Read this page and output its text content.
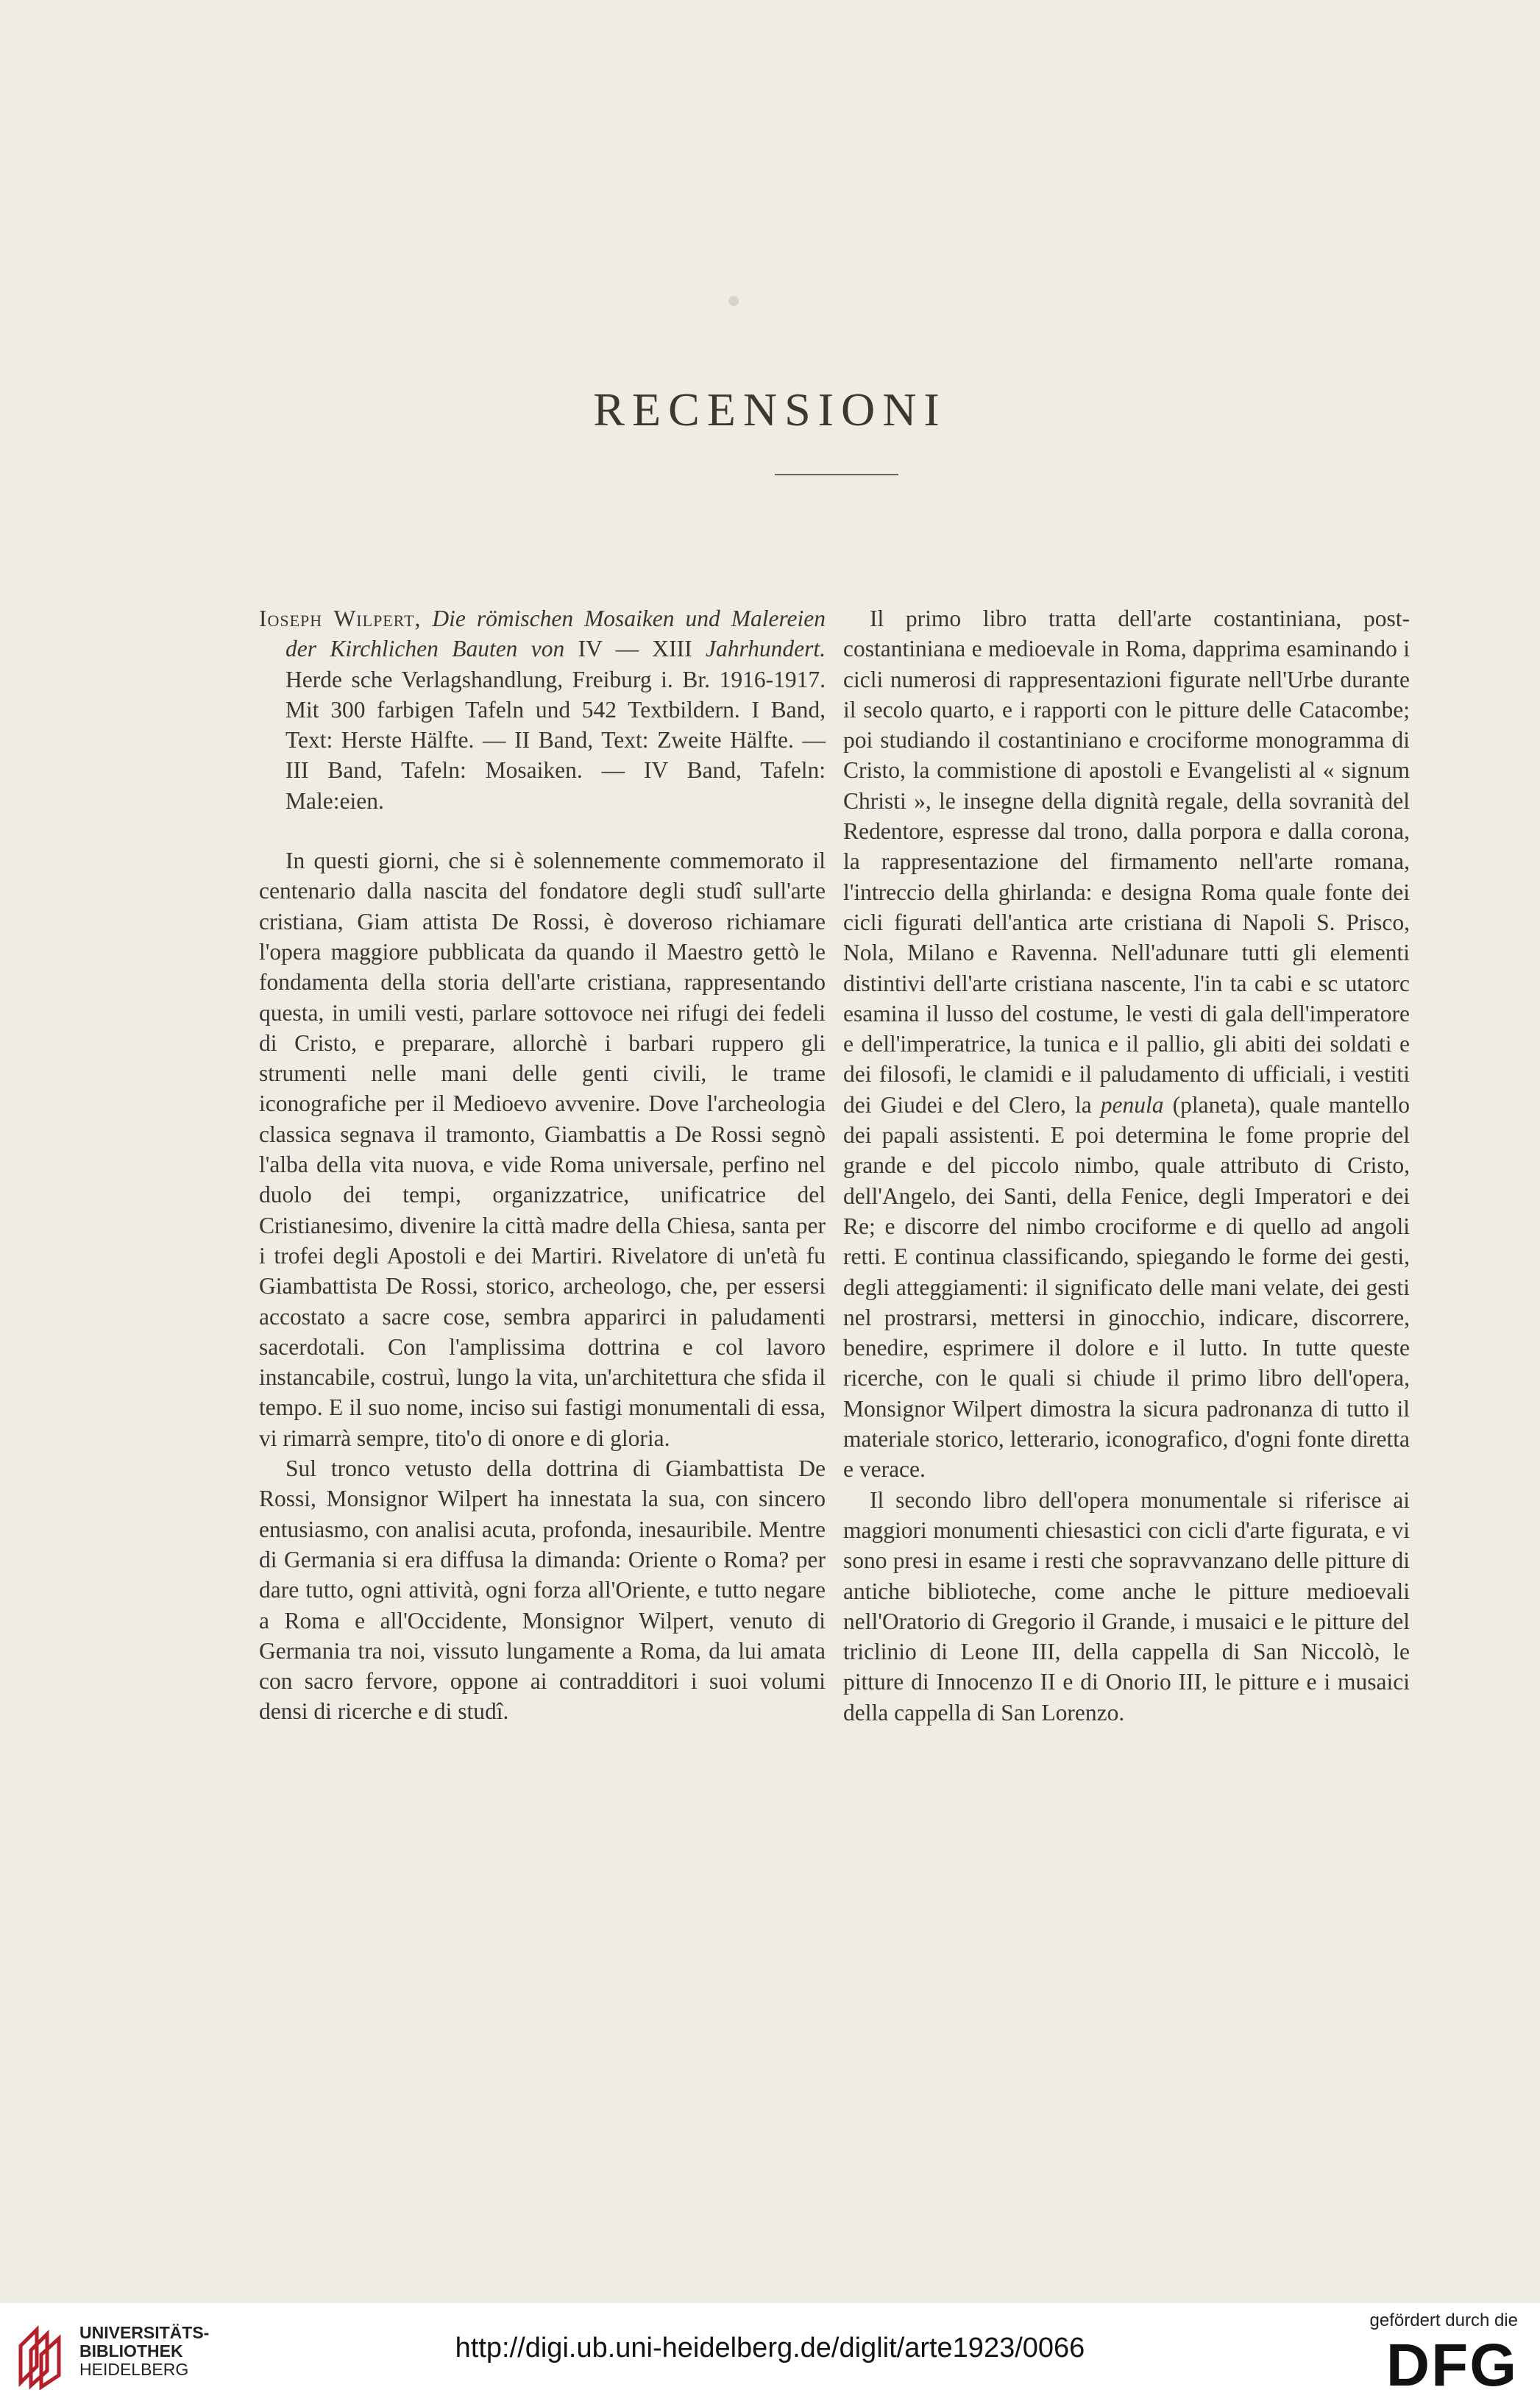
RECENSIONI

Ioseph Wilpert, Die römischen Mosaiken und Malereien der Kirchlichen Bauten von IV — XIII Jahrhundert. Herde sche Verlagshandlung, Freiburg i. Br. 1916-1917. Mit 300 farbigen Tafeln und 542 Textbildern. I Band, Text: Herste Hälfte. — II Band, Text: Zweite Hälfte. — III Band, Tafeln: Mosaiken. — IV Band, Tafeln: Male:eien.

In questi giorni, che si è solennemente commemorato il centenario dalla nascita del fondatore degli studî sull'arte cristiana, Giam attista De Rossi, è doveroso richiamare l'opera maggiore pubblicata da quando il Maestro gettò le fondamenta della storia dell'arte cristiana, rappresentando questa, in umili vesti, parlare sottovoce nei rifugi dei fedeli di Cristo, e preparare, allorchè i barbari ruppero gli strumenti nelle mani delle genti civili, le trame iconografiche per il Medioevo avvenire. Dove l'archeologia classica segnava il tramonto, Giambattis a De Rossi segnò l'alba della vita nuova, e vide Roma universale, perfino nel duolo dei tempi, organizzatrice, unificatrice del Cristianesimo, divenire la città madre della Chiesa, santa per i trofei degli Apostoli e dei Martiri. Rivelatore di un'età fu Giambattista De Rossi, storico, archeologo, che, per essersi accostato a sacre cose, sembra apparirci in paludamenti sacerdotali. Con l'amplissima dottrina e col lavoro instancabile, costruì, lungo la vita, un'architettura che sfida il tempo. E il suo nome, inciso sui fastigi monumentali di essa, vi rimarrà sempre, tito'o di onore e di gloria.

Sul tronco vetusto della dottrina di Giambattista De Rossi, Monsignor Wilpert ha innestata la sua, con sincero entusiasmo, con analisi acuta, profonda, inesauribile. Mentre di Germania si era diffusa la dimanda: Oriente o Roma? per dare tutto, ogni attività, ogni forza all'Oriente, e tutto negare a Roma e all'Occidente, Monsignor Wilpert, venuto di Germania tra noi, vissuto lungamente a Roma, da lui amata con sacro fervore, oppone ai contradditori i suoi volumi densi di ricerche e di studî.

Il primo libro tratta dell'arte costantiniana, post-costantiniana e medioevale in Roma, dapprima esaminando i cicli numerosi di rappresentazioni figurate nell'Urbe durante il secolo quarto, e i rapporti con le pitture delle Catacombe; poi studiando il costantiniano e crociforme monogramma di Cristo, la commistione di apostoli e Evangelisti al « signum Christi », le insegne della dignità regale, della sovranità del Redentore, espresse dal trono, dalla porpora e dalla corona, la rappresentazione del firmamento nell'arte romana, l'intreccio della ghirlanda: e designa Roma quale fonte dei cicli figurati dell'antica arte cristiana di Napoli S. Prisco, Nola, Milano e Ravenna. Nell'adunare tutti gli elementi distintivi dell'arte cristiana nascente, l'in ta cabi e sc utatorc esamina il lusso del costume, le vesti di gala dell'imperatore e dell'imperatrice, la tunica e il pallio, gli abiti dei soldati e dei filosofi, le clamidi e il paludamento di ufficiali, i vestiti dei Giudei e del Clero, la penula (planeta), quale mantello dei papali assistenti. E poi determina le fome proprie del grande e del piccolo nimbo, quale attributo di Cristo, dell'Angelo, dei Santi, della Fenice, degli Imperatori e dei Re; e discorre del nimbo crociforme e di quello ad angoli retti. E continua classificando, spiegando le forme dei gesti, degli atteggiamenti: il significato delle mani velate, dei gesti nel prostrarsi, mettersi in ginocchio, indicare, discorrere, benedire, esprimere il dolore e il lutto. In tutte queste ricerche, con le quali si chiude il primo libro dell'opera, Monsignor Wilpert dimostra la sicura padronanza di tutto il materiale storico, letterario, iconografico, d'ogni fonte diretta e verace.

Il secondo libro dell'opera monumentale si riferisce ai maggiori monumenti chiesastici con cicli d'arte figurata, e vi sono presi in esame i resti che sopravvanzano delle pitture di antiche biblioteche, come anche le pitture medioevali nell'Oratorio di Gregorio il Grande, i musaici e le pitture del triclinio di Leone III, della cappella di San Niccolò, le pitture di Innocenzo II e di Onorio III, le pitture e i musaici della cappella di San Lorenzo.

UNIVERSITÄTS-
BIBLIOTHEK
HEIDELBERG
http://digi.ub.uni-heidelberg.de/diglit/arte1923/0066
gefördert durch die
DFG
